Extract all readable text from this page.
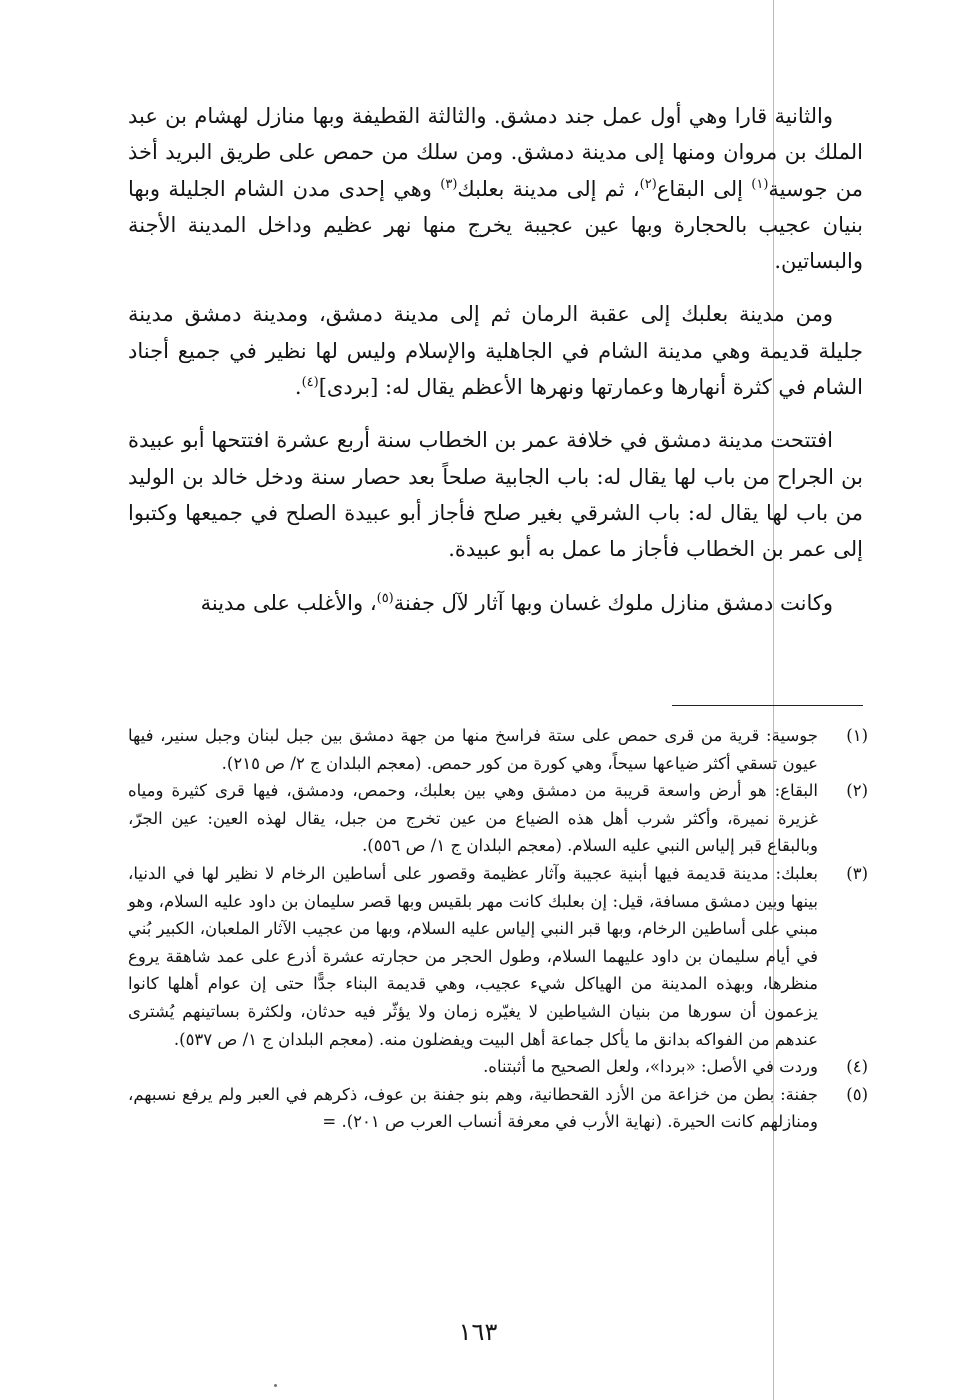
والثانية قارا وهي أول عمل جند دمشق. والثالثة القطيفة وبها منازل لهشام بن عبد الملك بن مروان ومنها إلى مدينة دمشق. ومن سلك من حمص على طريق البريد أخذ من جوسية$^{(١)}$ إلى البقاع$^{(٢)}$، ثم إلى مدينة بعلبك$^{(٣)}$ وهي إحدى مدن الشام الجليلة وبها بنيان عجيب بالحجارة وبها عين عجيبة يخرج منها نهر عظيم وداخل المدينة الأجنة والبساتين.

ومن مدينة بعلبك إلى عقبة الرمان ثم إلى مدينة دمشق، ومدينة دمشق مدينة جليلة قديمة وهي مدينة الشام في الجاهلية والإسلام وليس لها نظير في جميع أجناد الشام في كثرة أنهارها وعمارتها ونهرها الأعظم يقال له: [بردى]$^{(٤)}$.

افتتحت مدينة دمشق في خلافة عمر بن الخطاب سنة أربع عشرة افتتحها أبو عبيدة بن الجراح من باب لها يقال له: باب الجابية صلحاً بعد حصار سنة ودخل خالد بن الوليد من باب لها يقال له: باب الشرقي بغير صلح فأجاز أبو عبيدة الصلح في جميعها وكتبوا إلى عمر بن الخطاب فأجاز ما عمل به أبو عبيدة.

وكانت دمشق منازل ملوك غسان وبها آثار لآل جفنة$^{(٥)}$، والأغلب على مدينة

(١)
جوسية: قرية من قرى حمص على ستة فراسخ منها من جهة دمشق بين جبل لبنان وجبل سنير، فيها عيون تسقي أكثر ضياعها سيحاً، وهي كورة من كور حمص. (معجم البلدان ج ٢/ ص ٢١٥).
(٢)
البقاع: هو أرض واسعة قريبة من دمشق وهي بين بعلبك، وحمص، ودمشق، فيها قرى كثيرة ومياه غزيرة نميرة، وأكثر شرب أهل هذه الضياع من عين تخرج من جبل، يقال لهذه العين: عين الجرّ، وبالبقاع قبر إلياس النبي عليه السلام. (معجم البلدان ج ١/ ص ٥٥٦).
(٣)
بعلبك: مدينة قديمة فيها أبنية عجيبة وآثار عظيمة وقصور على أساطين الرخام لا نظير لها في الدنيا، بينها وبين دمشق مسافة، قيل: إن بعلبك كانت مهر بلقيس وبها قصر سليمان بن داود عليه السلام، وهو مبني على أساطين الرخام، وبها قبر النبي إلياس عليه السلام، وبها من عجيب الآثار الملعبان، الكبير بُني في أيام سليمان بن داود عليهما السلام، وطول الحجر من حجارته عشرة أذرع على عمد شاهقة يروع منظرها، وبهذه المدينة من الهياكل شيء عجيب، وهي قديمة البناء جدًّا حتى إن عوام أهلها كانوا يزعمون أن سورها من بنيان الشياطين لا يغيّره زمان ولا يؤثّر فيه حدثان، ولكثرة بساتينهم يُشترى عندهم من الفواكه بدانق ما يأكل جماعة أهل البيت ويفضلون منه. (معجم البلدان ج ١/ ص ٥٣٧).
(٤)
وردت في الأصل: «بردا»، ولعل الصحيح ما أثبتناه.
(٥)
جفنة: بطن من خزاعة من الأزد القحطانية، وهم بنو جفنة بن عوف، ذكرهم في العبر ولم يرفع نسبهم، ومنازلهم كانت الحيرة. (نهاية الأرب في معرفة أنساب العرب ص ٢٠١). =
١٦٣
